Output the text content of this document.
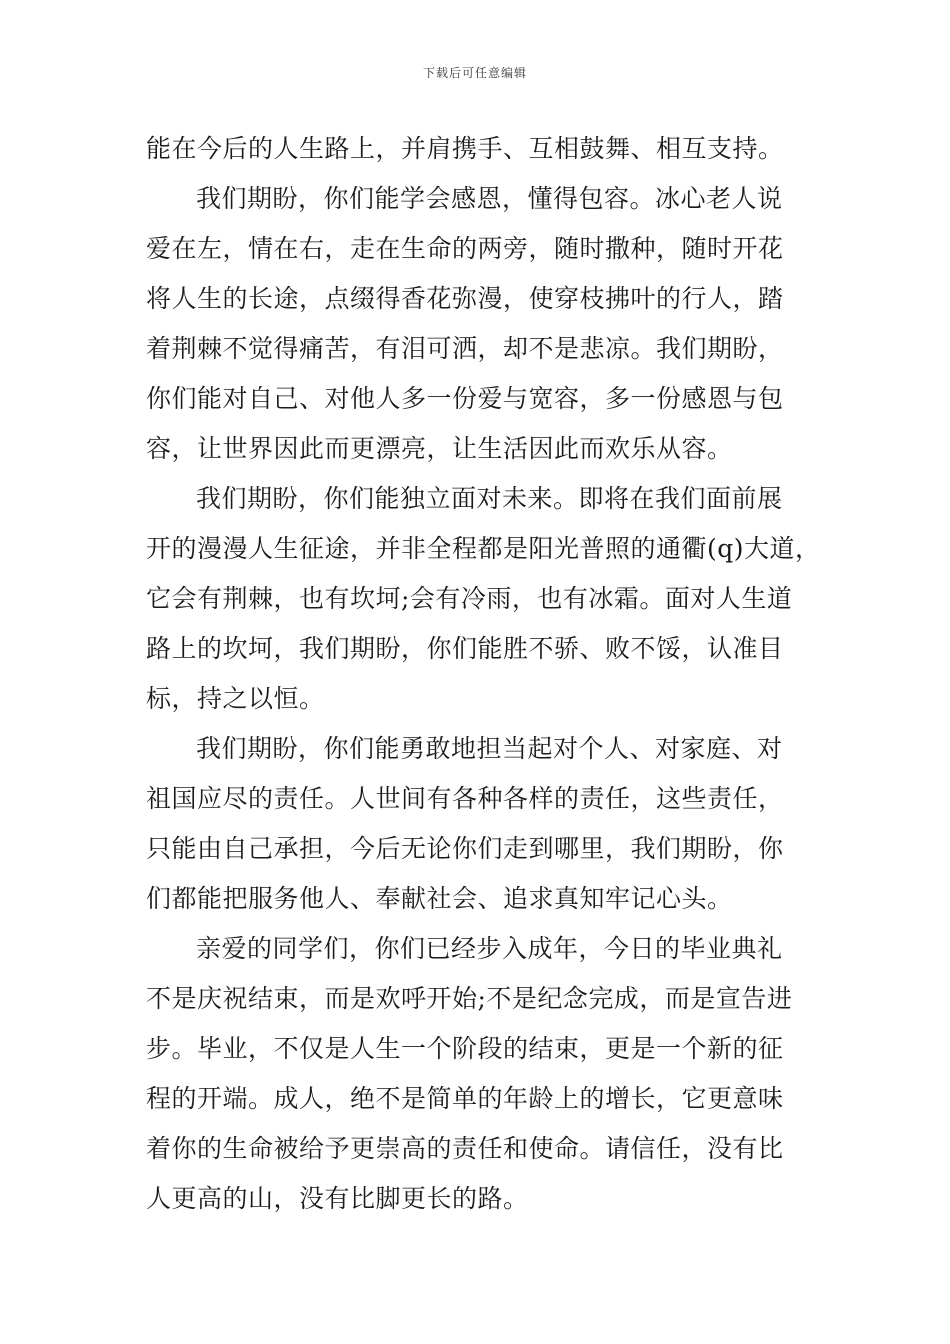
下载后可任意编辑
能在今后的人生路上，并肩携手、互相鼓舞、相互支持。
我们期盼，你们能学会感恩，懂得包容。冰心老人说
爱在左，情在右，走在生命的两旁，随时撒种，随时开花
将人生的长途，点缀得香花弥漫，使穿枝拂叶的行人，踏
着荆棘不觉得痛苦，有泪可洒，却不是悲凉。我们期盼，
你们能对自己、对他人多一份爱与宽容，多一份感恩与包
容，让世界因此而更漂亮，让生活因此而欢乐从容。
我们期盼，你们能独立面对未来。即将在我们面前展
开的漫漫人生征途，并非全程都是阳光普照的通衢(q)大道，
它会有荆棘，也有坎坷;会有冷雨，也有冰霜。面对人生道
路上的坎坷，我们期盼，你们能胜不骄、败不馁，认准目
标，持之以恒。
我们期盼，你们能勇敢地担当起对个人、对家庭、对
祖国应尽的责任。人世间有各种各样的责任，这些责任，
只能由自己承担，今后无论你们走到哪里，我们期盼，你
们都能把服务他人、奉献社会、追求真知牢记心头。
亲爱的同学们，你们已经步入成年，今日的毕业典礼
不是庆祝结束，而是欢呼开始;不是纪念完成，而是宣告进
步。毕业，不仅是人生一个阶段的结束，更是一个新的征
程的开端。成人，绝不是简单的年龄上的增长，它更意味
着你的生命被给予更崇高的责任和使命。请信任，没有比
人更高的山，没有比脚更长的路。
